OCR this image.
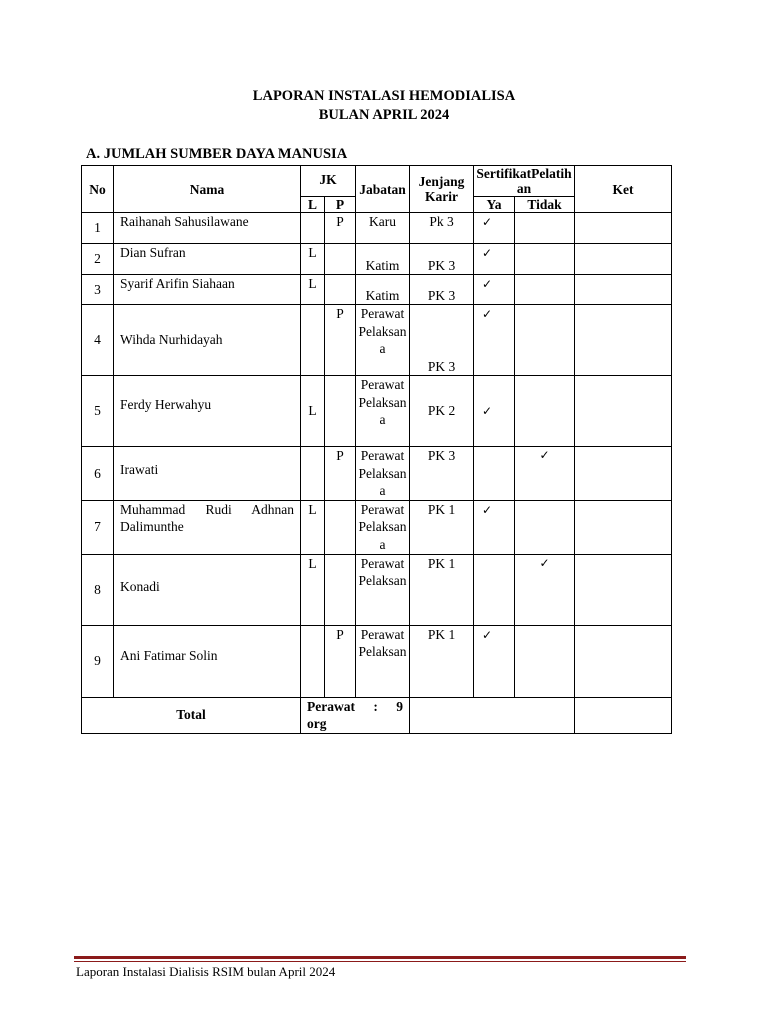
LAPORAN INSTALASI HEMODIALISA
BULAN APRIL 2024
A. JUMLAH SUMBER DAYA MANUSIA
No	Nama	JK		Jabatan	Jenjang Karir	SertifikatPelatihan		Ket
		L	P			Ya	Tidak	
1	Raihanah Sahusilawane		P	Karu	Pk 3	✓		
2	Dian Sufran	L		Katim	PK 3	✓		
3	Syarif Arifin Siahaan	L		Katim	PK 3	✓		
4	Wihda Nurhidayah		P	Perawat Pelaksana	PK 3	✓		
5	Ferdy Herwahyu	L		Perawat Pelaksana	PK 2	✓		
6	Irawati		P	PerawatPelaksana	PK 3		✓	

7	Muhammad Rudi Adhnan Dalimunthe	L		PerawatPelaksana	PK 1	✓		
8	Konadi	L		Perawat Pelaksan	PK 1		✓	

9	Ani Fatimar Solin		P	Perawat Pelaksan	PK 1	✓		
Total		Perawat : 9
org						

Laporan Instalasi Dialisis RSIM bulan April 2024
